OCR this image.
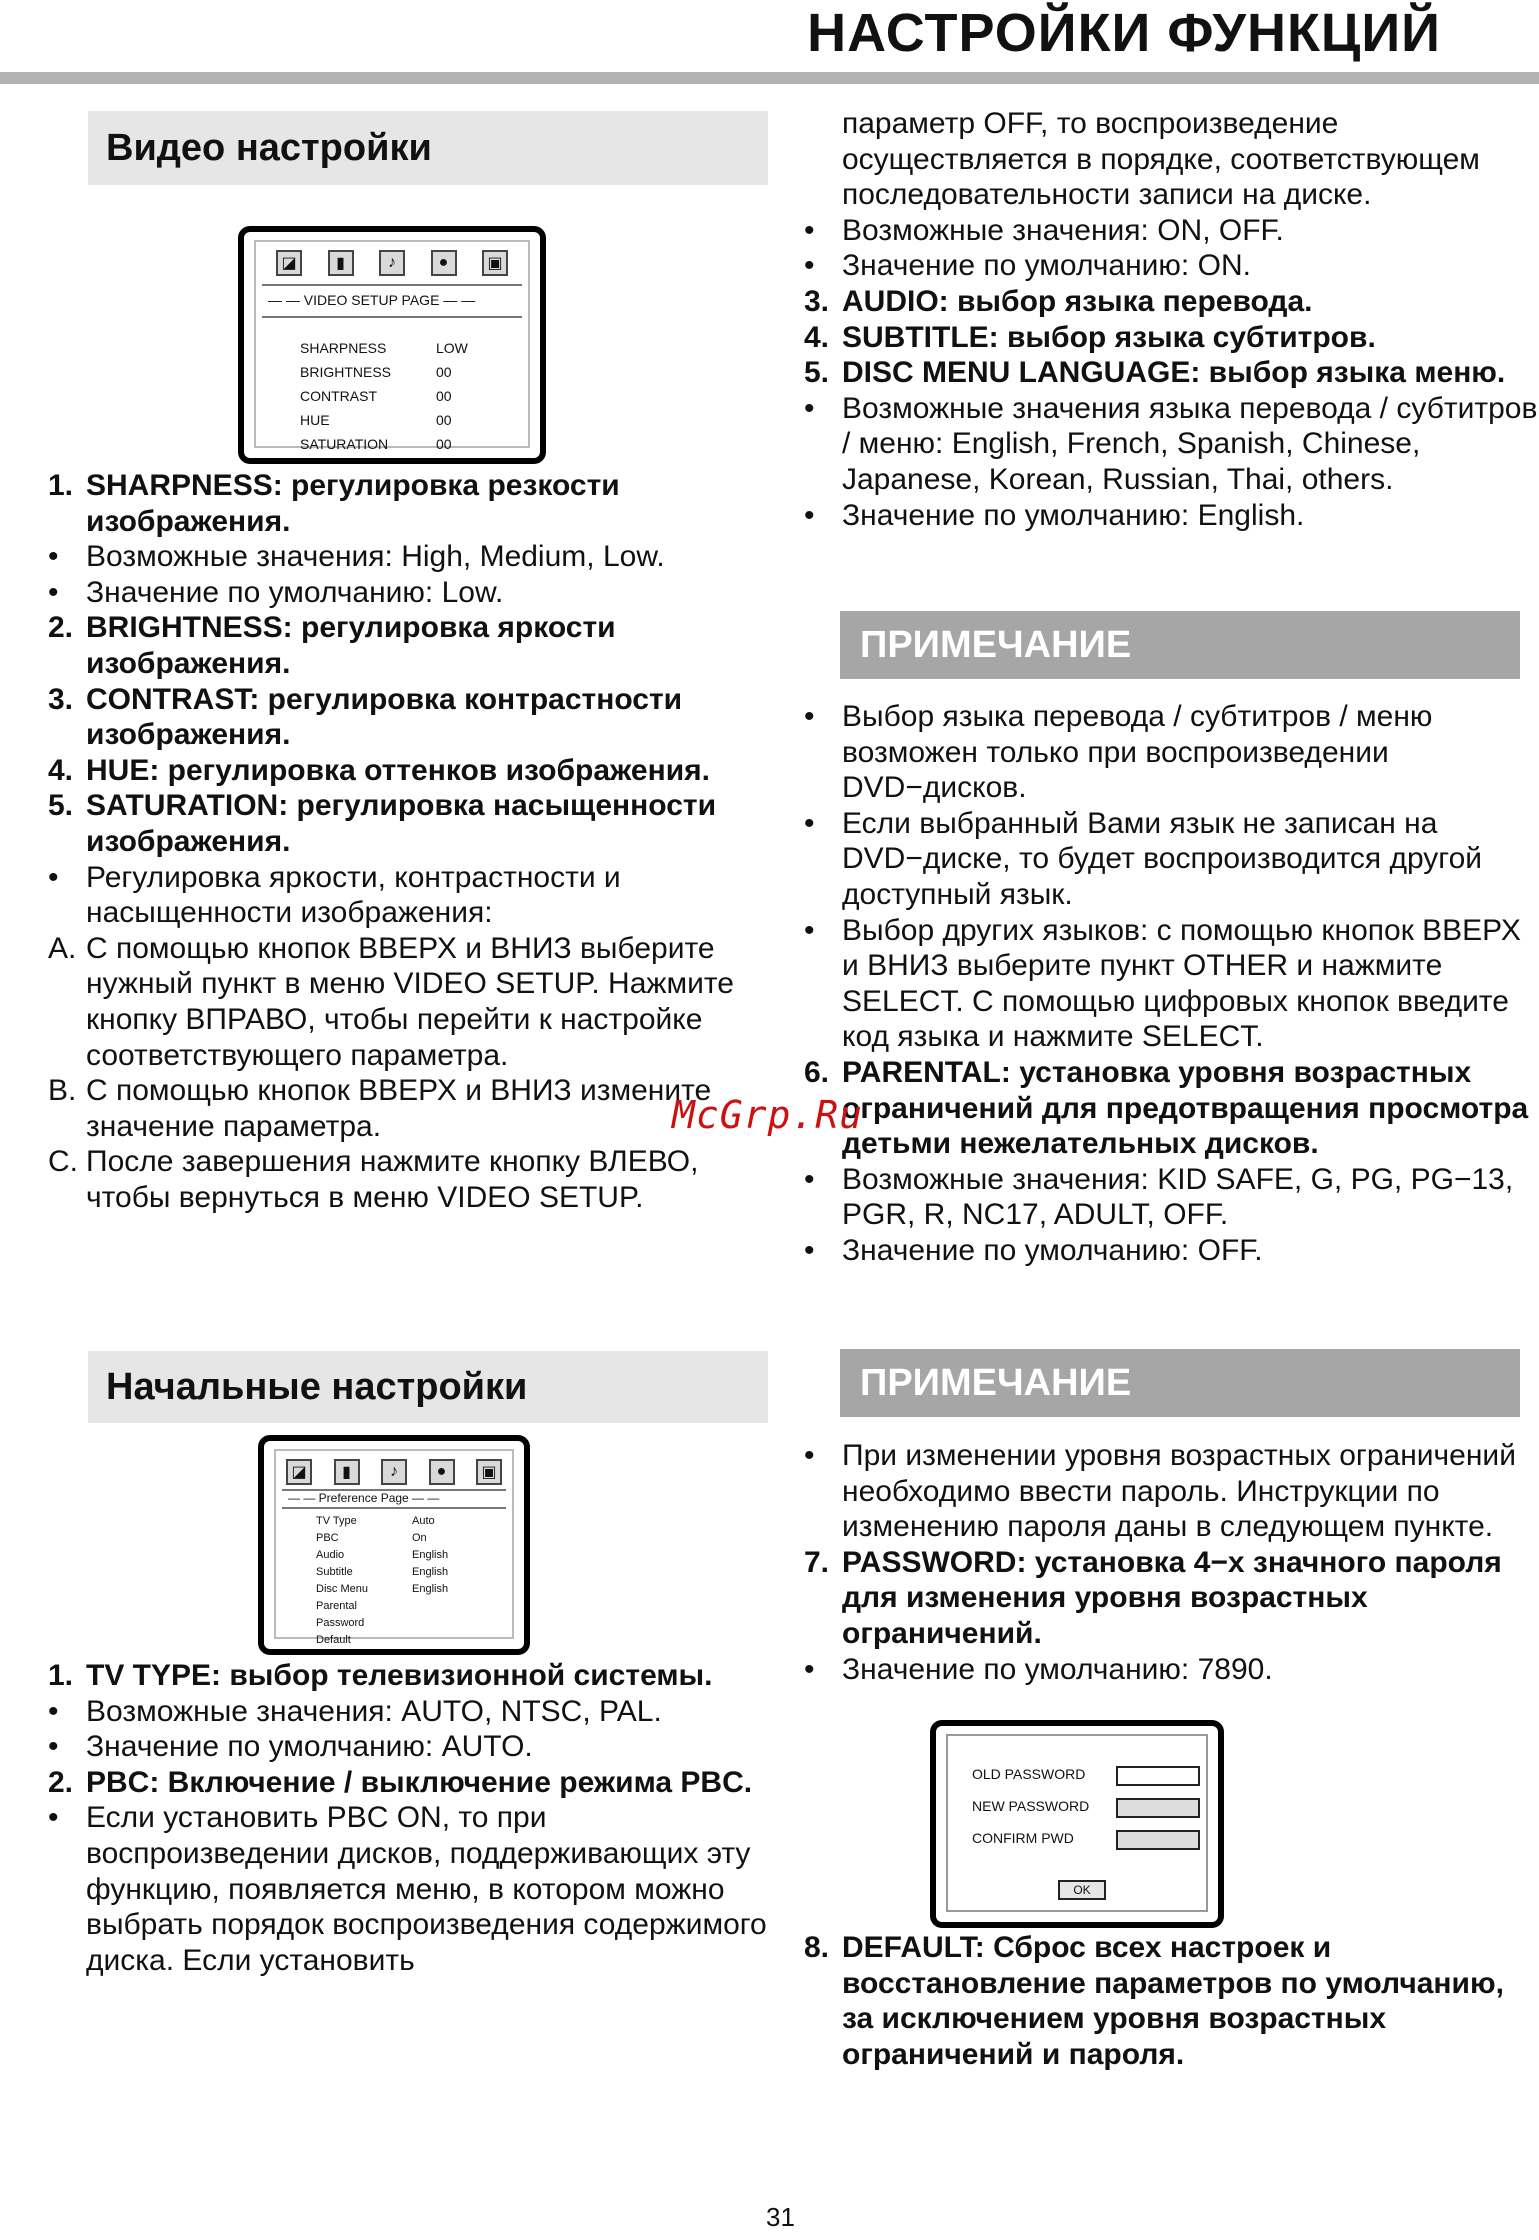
НАСТРОЙКИ ФУНКЦИЙ
Видео настройки
◪	▮	♪	●	▣
— — VIDEO SETUP PAGE — —
SHARPNESS	LOW
BRIGHTNESS	00
CONTRAST	00
HUE	00
SATURATION	00

1. SHARPNESS: регулировка резкости изображения.

• Возможные значения: High, Medium, Low.

• Значение по умолчанию: Low.

2. BRIGHTNESS: регулировка яркости изображения.

3. CONTRAST: регулировка контрастности изображения.

4. HUE: регулировка оттенков изображения.

5. SATURATION: регулировка насыщенности изображения.

• Регулировка яркости, контрастности и насыщенности изображения:

A. С помощью кнопок ВВЕРХ и ВНИЗ выберите нужный пункт в меню VIDEO SETUP. Нажмите кнопку ВПРАВО, чтобы перейти к настройке соответствующего параметра.

B. С помощью кнопок ВВЕРХ и ВНИЗ измените значение параметра.

C. После завершения нажмите кнопку ВЛЕВО, чтобы вернуться в меню VIDEO SETUP.

Начальные настройки
◪	▮	♪	●	▣
— — Preference Page — —
TV Type	Auto
PBC	On
Audio	English
Subtitle	English
Disc Menu	English
Parental
Password
Default

1. TV TYPE: выбор телевизионной системы.

• Возможные значения: AUTO, NTSC, PAL.

• Значение по умолчанию: AUTO.

2. PBC: Включение / выключение режима PBC.

• Если установить PBC ON, то при воспроизведении дисков, поддерживающих эту функцию, появляется меню, в котором можно выбрать порядок воспроизведения содержимого диска. Если установить

параметр OFF, то воспроизведение осуществляется в порядке, соответствующем последовательности записи на диске.

• Возможные значения: ON, OFF.

• Значение по умолчанию: ON.

3. AUDIO: выбор языка перевода.

4. SUBTITLE: выбор языка субтитров.

5. DISC MENU LANGUAGE: выбор языка меню.

• Возможные значения языка перевода / субтитров / меню: English, French, Spanish, Chinese, Japanese, Korean, Russian, Thai, others.

• Значение по умолчанию: English.

ПРИМЕЧАНИЕ

• Выбор языка перевода / субтитров / меню возможен только при воспроизведении DVD−дисков.

• Если выбранный Вами язык не записан на DVD−диске, то будет воспроизводится другой доступный язык.

• Выбор других языков: с помощью кнопок ВВЕРХ и ВНИЗ выберите пункт OTHER и нажмите SELECT. С помощью цифровых кнопок введите код языка и нажмите SELECT.

6. PARENTAL: установка уровня возрастных ограничений для предотвращения просмотра детьми нежелательных дисков.

• Возможные значения: KID SAFE, G, PG, PG−13, PGR, R, NC17, ADULT, OFF.

• Значение по умолчанию: OFF.

ПРИМЕЧАНИЕ

• При изменении уровня возрастных ограничений необходимо ввести пароль. Инструкции по изменению пароля даны в следующем пункте.

7. PASSWORD: установка 4−х значного пароля для изменения уровня возрастных ограничений.

• Значение по умолчанию: 7890.

OLD PASSWORD
NEW PASSWORD
CONFIRM PWD
OK

8. DEFAULT: Сброс всех настроек и восстановление параметров по умолчанию, за исключением уровня возрастных ограничений и пароля.

McGrp.Ru
31
